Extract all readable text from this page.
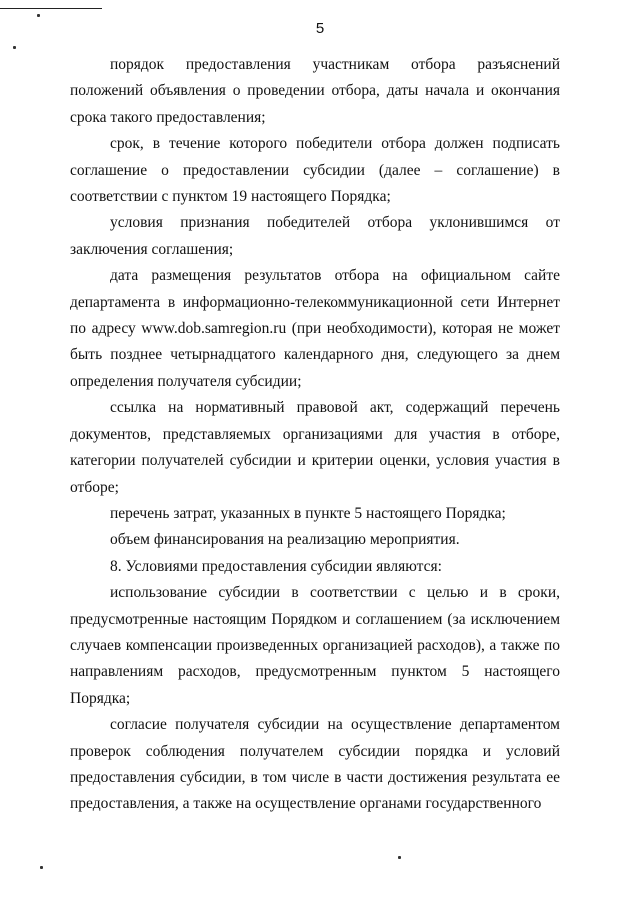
5

порядок предоставления участникам отбора разъяснений положений объявления о проведении отбора, даты начала и окончания срока такого предоставления;

срок, в течение которого победители отбора должен подписать соглашение о предоставлении субсидии (далее – соглашение) в соответствии с пунктом 19 настоящего Порядка;

условия признания победителей отбора уклонившимся от заключения соглашения;

дата размещения результатов отбора на официальном сайте департамента в информационно-телекоммуникационной сети Интернет по адресу www.dob.samregion.ru (при необходимости), которая не может быть позднее четырнадцатого календарного дня, следующего за днем определения получателя субсидии;

ссылка на нормативный правовой акт, содержащий перечень документов, представляемых организациями для участия в отборе, категории получателей субсидии и критерии оценки, условия участия в отборе;

перечень затрат, указанных в пункте 5 настоящего Порядка;

объем финансирования на реализацию мероприятия.

8. Условиями предоставления субсидии являются:

использование субсидии в соответствии с целью и в сроки, предусмотренные настоящим Порядком и соглашением (за исключением случаев компенсации произведенных организацией расходов), а также по направлениям расходов, предусмотренным пунктом 5 настоящего Порядка;

согласие получателя субсидии на осуществление департаментом проверок соблюдения получателем субсидии порядка и условий предоставления субсидии, в том числе в части достижения результата ее предоставления, а также на осуществление органами государственного
